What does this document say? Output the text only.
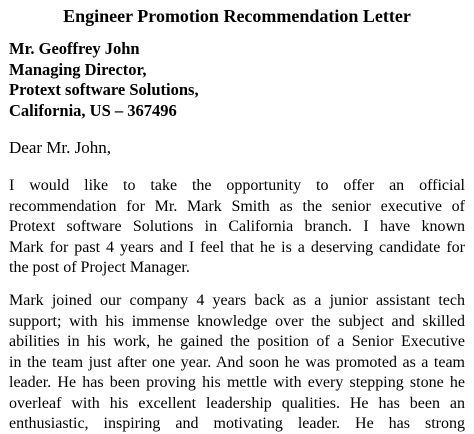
Engineer Promotion Recommendation Letter
Mr. Geoffrey John
Managing Director,
Protext software Solutions,
California, US – 367496
Dear Mr. John,
I would like to take the opportunity to offer an official
recommendation for Mr. Mark Smith as the senior executive of
Protext software Solutions in California branch. I have known
Mark for past 4 years and I feel that he is a deserving candidate for
the post of Project Manager.
Mark joined our company 4 years back as a junior assistant tech
support; with his immense knowledge over the subject and skilled
abilities in his work, he gained the position of a Senior Executive
in the team just after one year. And soon he was promoted as a team
leader. He has been proving his mettle with every stepping stone he
overleaf with his excellent leadership qualities. He has been an
enthusiastic, inspiring and motivating leader. He has strong
